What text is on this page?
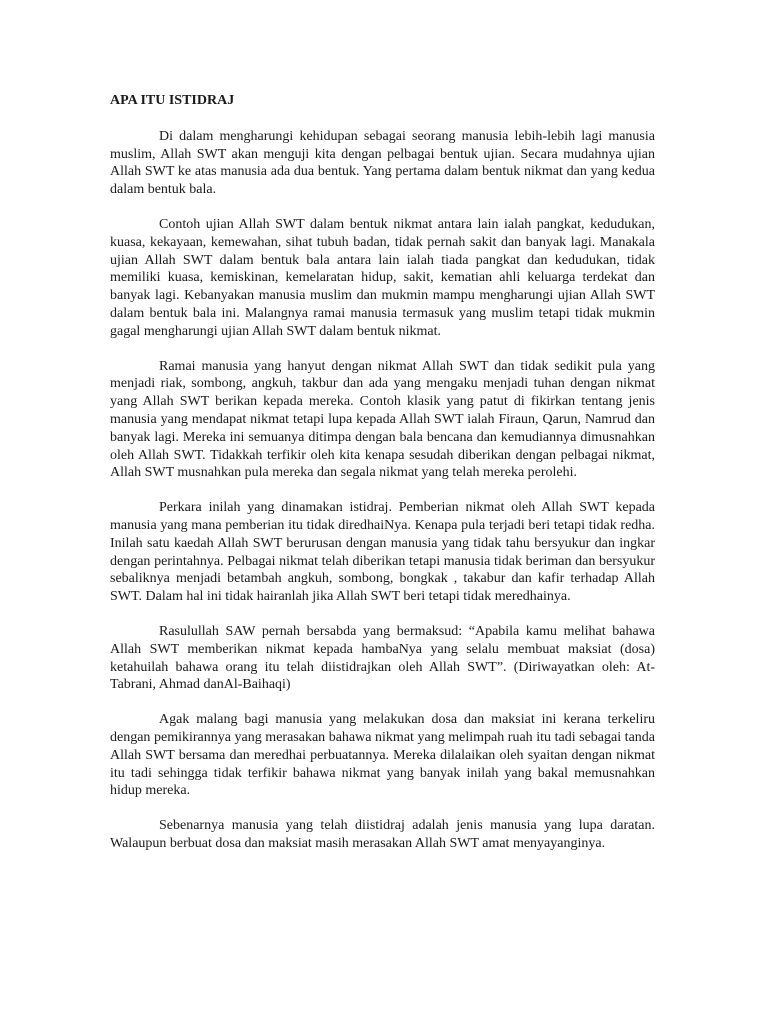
APA ITU ISTIDRAJ

Di dalam mengharungi kehidupan sebagai seorang manusia lebih-lebih lagi manusia muslim, Allah SWT akan menguji kita dengan pelbagai bentuk ujian. Secara mudahnya ujian Allah SWT ke atas manusia ada dua bentuk. Yang pertama dalam bentuk nikmat dan yang kedua dalam bentuk bala.

Contoh ujian Allah SWT dalam bentuk nikmat antara lain ialah pangkat, kedudukan, kuasa, kekayaan, kemewahan, sihat tubuh badan, tidak pernah sakit dan banyak lagi. Manakala ujian Allah SWT dalam bentuk bala antara lain ialah tiada pangkat dan kedudukan, tidak memiliki kuasa, kemiskinan, kemelaratan hidup, sakit, kematian ahli keluarga terdekat dan banyak lagi. Kebanyakan manusia muslim dan mukmin mampu mengharungi ujian Allah SWT dalam bentuk bala ini. Malangnya ramai manusia termasuk yang muslim tetapi tidak mukmin gagal mengharungi ujian Allah SWT dalam bentuk nikmat.

Ramai manusia yang hanyut dengan nikmat Allah SWT dan tidak sedikit pula yang menjadi riak, sombong, angkuh, takbur dan ada yang mengaku menjadi tuhan dengan nikmat yang Allah SWT berikan kepada mereka. Contoh klasik yang patut di fikirkan tentang jenis manusia yang mendapat nikmat tetapi lupa kepada Allah SWT ialah Firaun, Qarun, Namrud dan banyak lagi. Mereka ini semuanya ditimpa dengan bala bencana dan kemudiannya dimusnahkan oleh Allah SWT. Tidakkah terfikir oleh kita kenapa sesudah diberikan dengan pelbagai nikmat, Allah SWT musnahkan pula mereka dan segala nikmat yang telah mereka perolehi.

Perkara inilah yang dinamakan istidraj. Pemberian nikmat oleh Allah SWT kepada manusia yang mana pemberian itu tidak diredhaiNya. Kenapa pula terjadi beri tetapi tidak redha. Inilah satu kaedah Allah SWT berurusan dengan manusia yang tidak tahu bersyukur dan ingkar dengan perintahnya. Pelbagai nikmat telah diberikan tetapi manusia tidak beriman dan bersyukur sebaliknya menjadi betambah angkuh, sombong, bongkak , takabur dan kafir terhadap Allah SWT. Dalam hal ini tidak hairanlah jika Allah SWT beri tetapi tidak meredhainya.

Rasulullah SAW pernah bersabda yang bermaksud: “Apabila kamu melihat bahawa Allah SWT memberikan nikmat kepada hambaNya yang selalu membuat maksiat (dosa) ketahuilah bahawa orang itu telah diistidrajkan oleh Allah SWT”. (Diriwayatkan oleh: At-Tabrani, Ahmad danAl-Baihaqi)

Agak malang bagi manusia yang melakukan dosa dan maksiat ini kerana terkeliru dengan pemikirannya yang merasakan bahawa nikmat yang melimpah ruah itu tadi sebagai tanda Allah SWT bersama dan meredhai perbuatannya. Mereka dilalaikan oleh syaitan dengan nikmat itu tadi sehingga tidak terfikir bahawa nikmat yang banyak inilah yang bakal memusnahkan hidup mereka.

Sebenarnya manusia yang telah diistidraj adalah jenis manusia yang lupa daratan. Walaupun berbuat dosa dan maksiat masih merasakan Allah SWT amat menyayanginya.
